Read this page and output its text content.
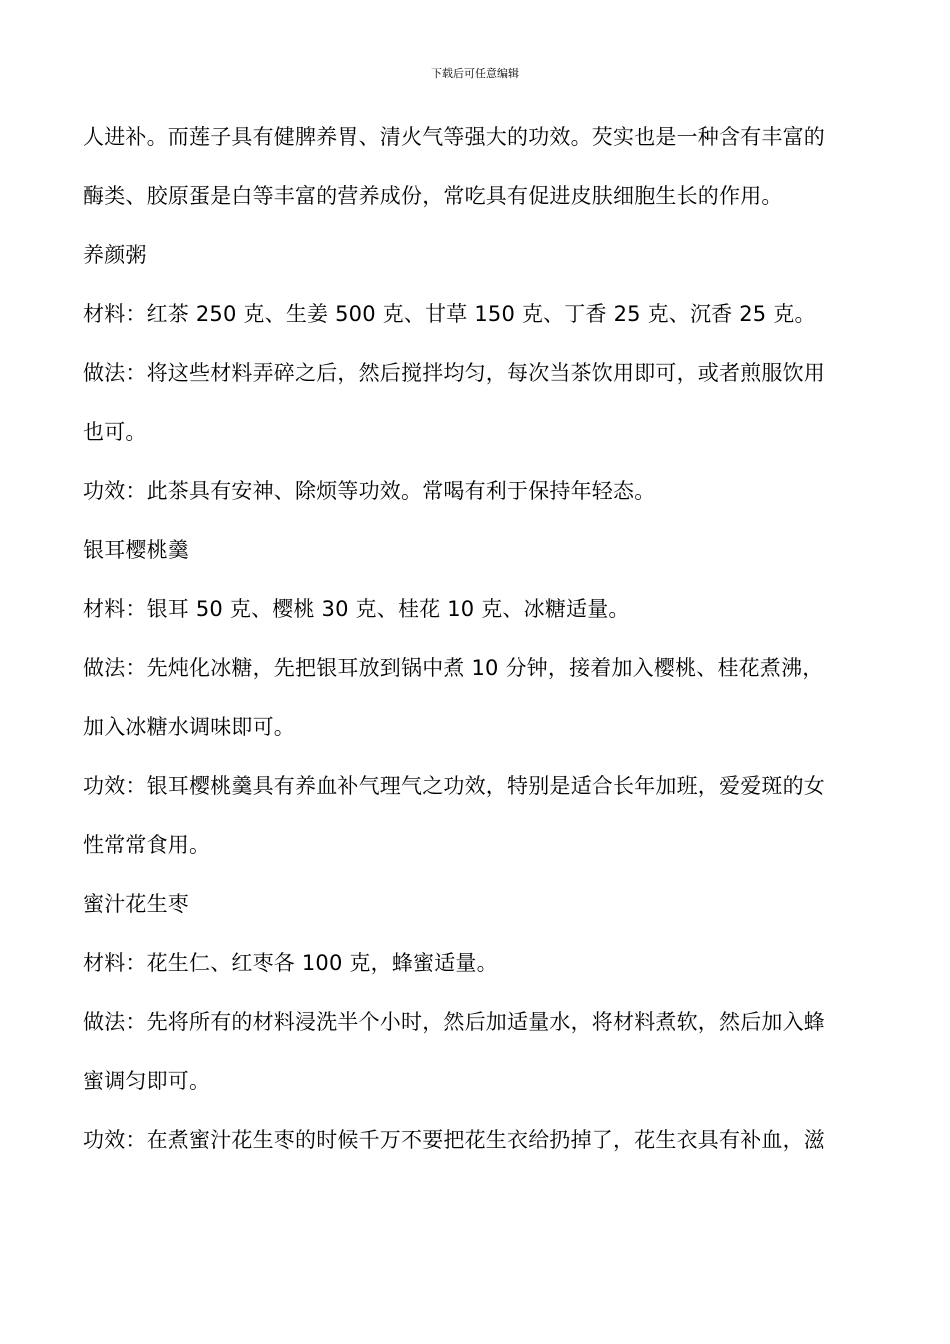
下载后可任意编辑
人进补。而莲子具有健脾养胃、清火气等强大的功效。芡实也是一种含有丰富的
酶类、胶原蛋是白等丰富的营养成份，常吃具有促进皮肤细胞生长的作用。
养颜粥
材料：红茶 250 克、生姜 500 克、甘草 150 克、丁香 25 克、沉香 25 克。
做法：将这些材料弄碎之后，然后搅拌均匀，每次当茶饮用即可，或者煎服饮用
也可。
功效：此茶具有安神、除烦等功效。常喝有利于保持年轻态。
银耳樱桃羹
材料：银耳 50 克、樱桃 30 克、桂花 10 克、冰糖适量。
做法：先炖化冰糖，先把银耳放到锅中煮 10 分钟，接着加入樱桃、桂花煮沸，
加入冰糖水调味即可。
功效：银耳樱桃羹具有养血补气理气之功效，特别是适合长年加班，爱爱斑的女
性常常食用。
蜜汁花生枣
材料：花生仁、红枣各 100 克，蜂蜜适量。
做法：先将所有的材料浸洗半个小时，然后加适量水，将材料煮软，然后加入蜂
蜜调匀即可。
功效：在煮蜜汁花生枣的时候千万不要把花生衣给扔掉了，花生衣具有补血，滋
